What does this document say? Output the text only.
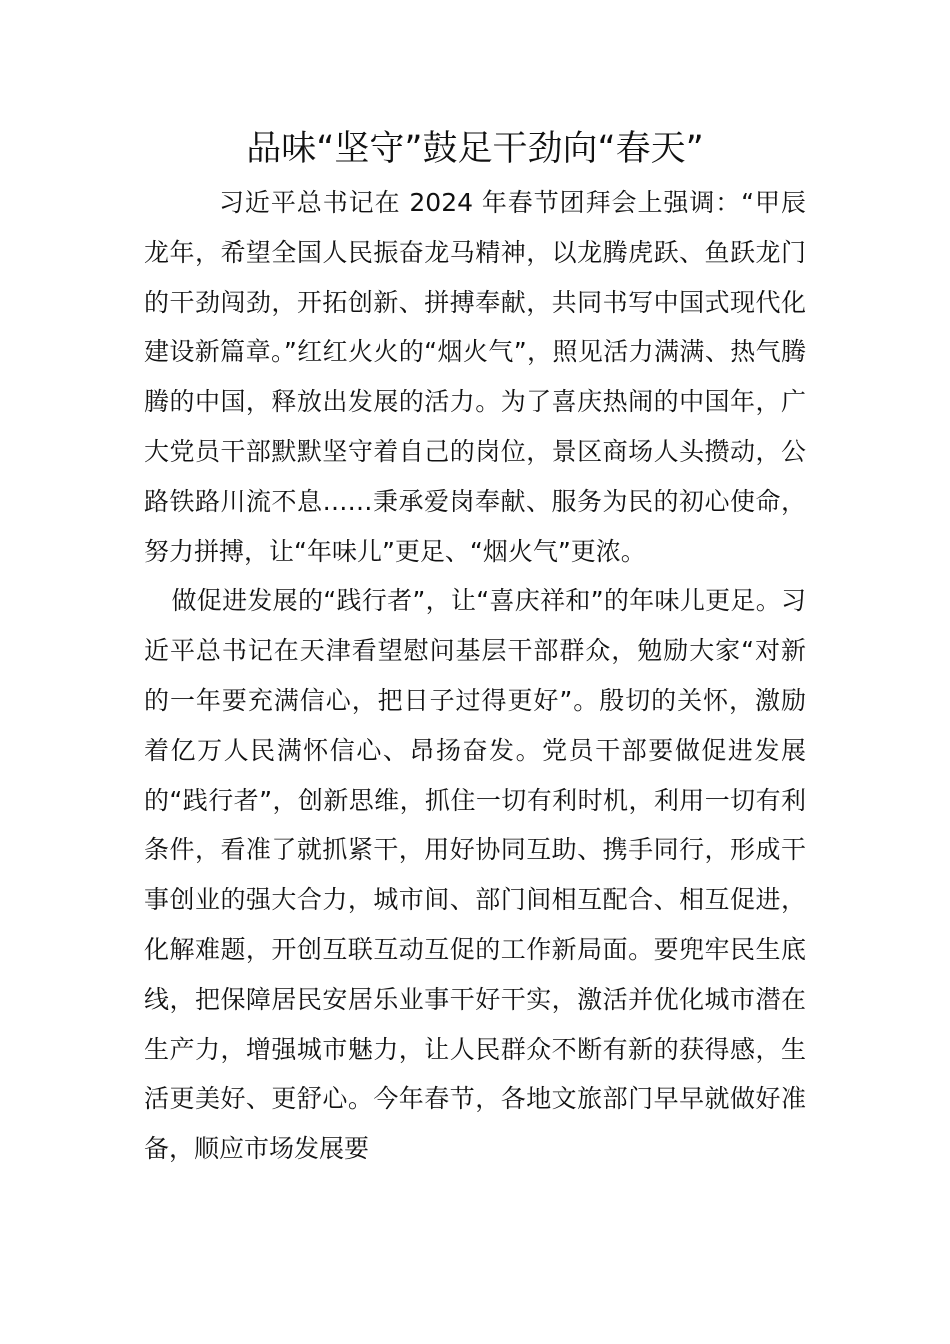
品味“坚守”鼓足干劲向“春天”

习近平总书记在 2024 年春节团拜会上强调：“甲辰龙年，希望全国人民振奋龙马精神，以龙腾虎跃、鱼跃龙门的干劲闯劲，开拓创新、拼搏奉献，共同书写中国式现代化建设新篇章。”红红火火的“烟火气”，照见活力满满、热气腾腾的中国，释放出发展的活力。为了喜庆热闹的中国年，广大党员干部默默坚守着自己的岗位，景区商场人头攒动，公路铁路川流不息……秉承爱岗奉献、服务为民的初心使命，努力拼搏，让“年味儿”更足、“烟火气”更浓。

做促进发展的“践行者”，让“喜庆祥和”的年味儿更足。习近平总书记在天津看望慰问基层干部群众，勉励大家“对新的一年要充满信心，把日子过得更好”。殷切的关怀，激励着亿万人民满怀信心、昂扬奋发。党员干部要做促进发展的“践行者”，创新思维，抓住一切有利时机，利用一切有利条件，看准了就抓紧干，用好协同互助、携手同行，形成干事创业的强大合力，城市间、部门间相互配合、相互促进，化解难题，开创互联互动互促的工作新局面。要兜牢民生底线，把保障居民安居乐业事干好干实，激活并优化城市潜在生产力，增强城市魅力，让人民群众不断有新的获得感，生活更美好、更舒心。今年春节，各地文旅部门早早就做好准备，顺应市场发展要
